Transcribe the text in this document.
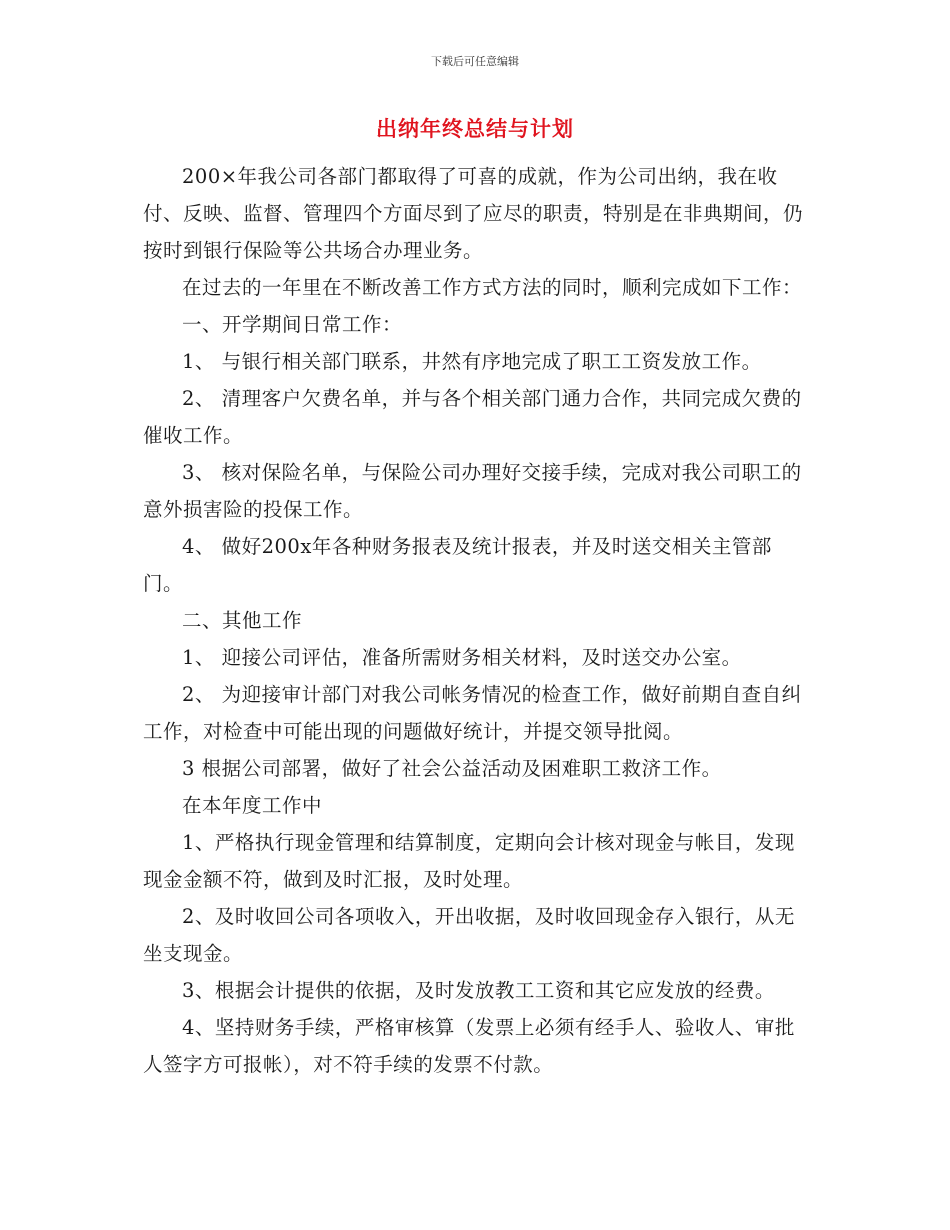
下载后可任意编辑
出纳年终总结与计划

200×年我公司各部门都取得了可喜的成就，作为公司出纳，我在收付、反映、监督、管理四个方面尽到了应尽的职责，特别是在非典期间，仍按时到银行保险等公共场合办理业务。

在过去的一年里在不断改善工作方式方法的同时，顺利完成如下工作：

一、开学期间日常工作：

1、 与银行相关部门联系，井然有序地完成了职工工资发放工作。

2、 清理客户欠费名单，并与各个相关部门通力合作，共同完成欠费的催收工作。

3、 核对保险名单，与保险公司办理好交接手续，完成对我公司职工的意外损害险的投保工作。

4、 做好200x年各种财务报表及统计报表，并及时送交相关主管部门。

二、其他工作

1、 迎接公司评估，准备所需财务相关材料，及时送交办公室。

2、 为迎接审计部门对我公司帐务情况的检查工作，做好前期自查自纠工作，对检查中可能出现的问题做好统计，并提交领导批阅。

3 根据公司部署，做好了社会公益活动及困难职工救济工作。

在本年度工作中

1、严格执行现金管理和结算制度，定期向会计核对现金与帐目，发现现金金额不符，做到及时汇报，及时处理。

2、及时收回公司各项收入，开出收据，及时收回现金存入银行，从无坐支现金。

3、根据会计提供的依据，及时发放教工工资和其它应发放的经费。

4、坚持财务手续，严格审核算（发票上必须有经手人、验收人、审批人签字方可报帐），对不符手续的发票不付款。
